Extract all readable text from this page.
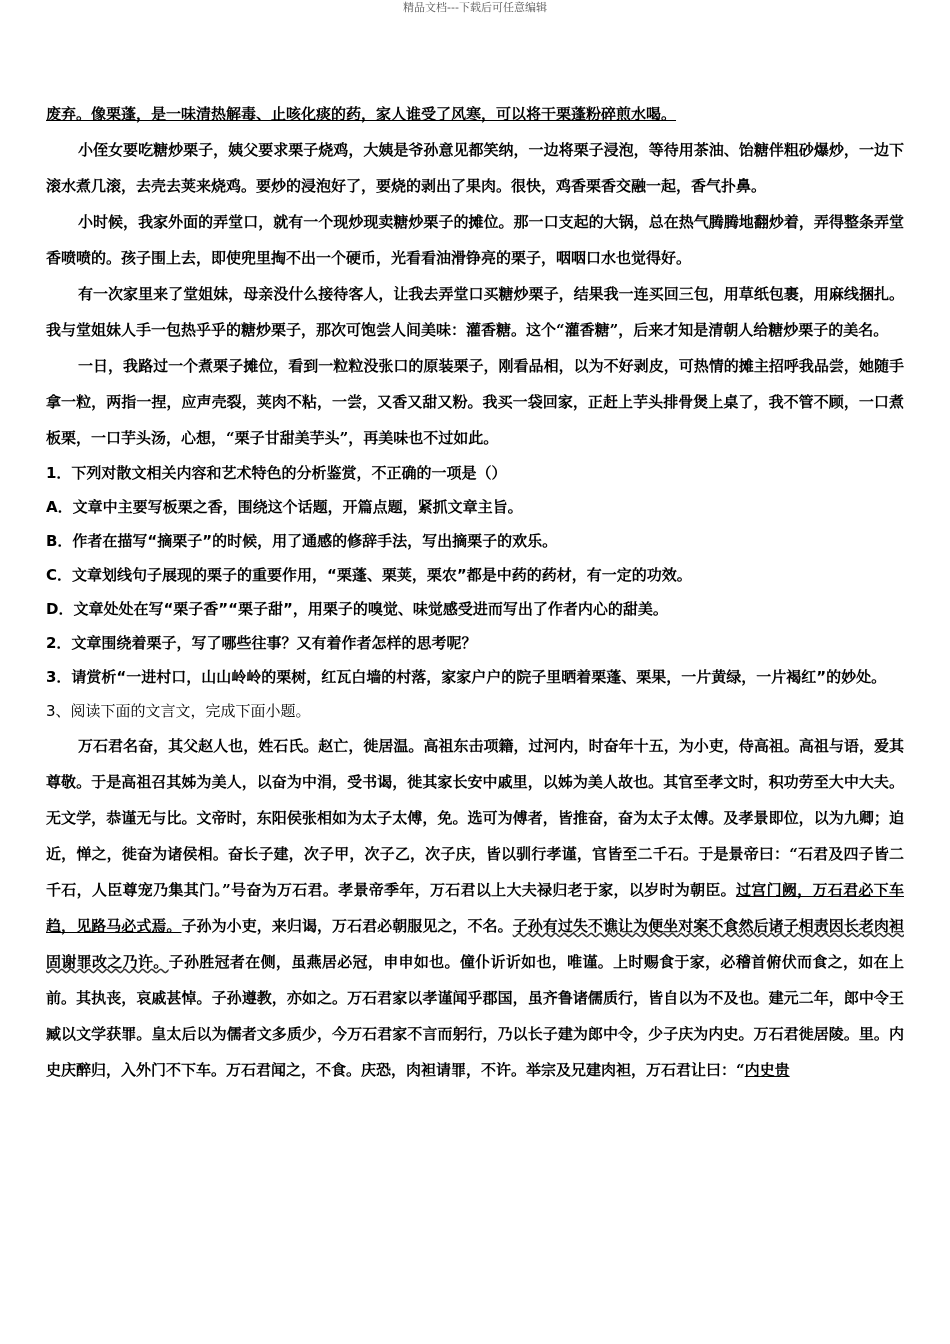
精品文档---下载后可任意编辑

废弃。像栗蓬，是一味清热解毒、止咳化痰的药，家人谁受了风寒，可以将干栗蓬粉碎煎水喝。

小侄女要吃糖炒栗子，姨父要求栗子烧鸡，大姨是爷孙意见都笑纳，一边将栗子浸泡，等待用茶油、饴糖伴粗砂爆炒，一边下滚水煮几滚，去壳去荚来烧鸡。要炒的浸泡好了，要烧的剥出了果肉。很快，鸡香栗香交融一起，香气扑鼻。

小时候，我家外面的弄堂口，就有一个现炒现卖糖炒栗子的摊位。那一口支起的大锅，总在热气腾腾地翻炒着，弄得整条弄堂香喷喷的。孩子围上去，即使兜里掏不出一个硬币，光看看油滑铮亮的栗子，咽咽口水也觉得好。

有一次家里来了堂姐妹，母亲没什么接待客人，让我去弄堂口买糖炒栗子，结果我一连买回三包，用草纸包裹，用麻线捆扎。我与堂姐妹人手一包热乎乎的糖炒栗子，那次可饱尝人间美味：灌香糖。这个“灌香糖”，后来才知是清朝人给糖炒栗子的美名。

一日，我路过一个煮栗子摊位，看到一粒粒没张口的原装栗子，刚看品相，以为不好剥皮，可热情的摊主招呼我品尝，她随手拿一粒，两指一捏，应声壳裂，荚肉不粘，一尝，又香又甜又粉。我买一袋回家，正赶上芋头排骨煲上桌了，我不管不顾，一口煮板栗，一口芋头汤，心想，“栗子甘甜美芋头”，再美味也不过如此。

1．下列对散文相关内容和艺术特色的分析鉴赏，不正确的一项是（）

A．文章中主要写板栗之香，围绕这个话题，开篇点题，紧抓文章主旨。

B．作者在描写“摘栗子”的时候，用了通感的修辞手法，写出摘栗子的欢乐。

C．文章划线句子展现的栗子的重要作用，“栗蓬、栗荚，栗农”都是中药的药材，有一定的功效。

D．文章处处在写“栗子香”“栗子甜”，用栗子的嗅觉、味觉感受进而写出了作者内心的甜美。

2．文章围绕着栗子，写了哪些往事？又有着作者怎样的思考呢？

3．请赏析“一进村口，山山岭岭的栗树，红瓦白墙的村落，家家户户的院子里晒着栗蓬、栗果，一片黄绿，一片褐红”的妙处。

3、阅读下面的文言文，完成下面小题。

万石君名奋，其父赵人也，姓石氏。赵亡，徙居温。高祖东击项籍，过河内，时奋年十五，为小吏，侍高祖。高祖与语，爱其尊敬。于是高祖召其姊为美人，以奋为中涓，受书谒，徙其家长安中戚里，以姊为美人故也。其官至孝文时，积功劳至大中大夫。无文学，恭谨无与比。文帝时，东阳侯张相如为太子太傅，免。选可为傅者，皆推奋，奋为太子太傅。及孝景即位，以为九卿；迫近，惮之，徙奋为诸侯相。奋长子建，次子甲，次子乙，次子庆，皆以驯行孝谨，官皆至二千石。于是景帝曰：“石君及四子皆二千石，人臣尊宠乃集其门。”号奋为万石君。孝景帝季年，万石君以上大夫禄归老于家，以岁时为朝臣。过宫门阙，万石君必下车趋，见路马必式焉。子孙为小吏，来归谒，万石君必朝服见之，不名。子孙有过失不谯让为便坐对案不食然后诸子相责因长老肉袒固谢罪改之乃许。子孙胜冠者在侧，虽燕居必冠，申申如也。僮仆䜣䜣如也，唯谨。上时赐食于家，必稽首俯伏而食之，如在上前。其执丧，哀戚甚悼。子孙遵教，亦如之。万石君家以孝谨闻乎郡国，虽齐鲁诸儒质行，皆自以为不及也。建元二年，郎中令王臧以文学获罪。皇太后以为儒者文多质少，今万石君家不言而躬行，乃以长子建为郎中令，少子庆为内史。万石君徙居陵。里。内史庆醉归，入外门不下车。万石君闻之，不食。庆恐，肉袒请罪，不许。举宗及兄建肉袒，万石君让曰：“内史贵
